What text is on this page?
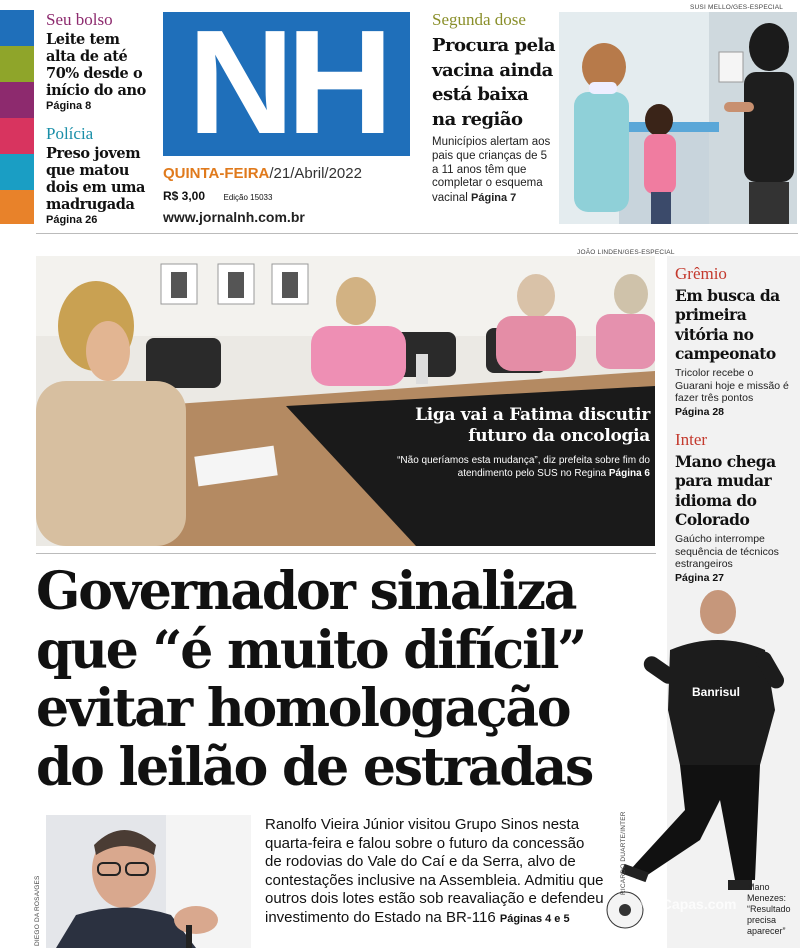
Seu bolso
Leite tem alta de até 70% desde o início do ano
Página 8
Polícia
Preso jovem que matou dois em uma madrugada
Página 26
NH
QUINTA-FEIRA/21/Abril/2022
R$ 3,00 Edição 15033
www.jornalnh.com.br
Segunda dose
Procura pela vacina ainda está baixa na região
Municípios alertam aos pais que crianças de 5 a 11 anos têm que completar o esquema vacinal Página 7
SUSI MELLO/GES-ESPECIAL
JOÃO LINDEN/GES-ESPECIAL
Liga vai a Fatima discutir futuro da oncologia
“Não queríamos esta mudança”, diz prefeita sobre fim do atendimento pelo SUS no Regina Página 6
Grêmio
Em busca da primeira vitória no campeonato
Tricolor recebe o Guarani hoje e missão é fazer três pontos
Página 28
Inter
Mano chega para mudar idioma do Colorado
Gaúcho interrompe sequência de técnicos estrangeiros
Página 27
Banrisul
RICARDO DUARTE/INTER	Mano Menezes: “Resultado precisa aparecer”
Governador sinaliza
que “é muito difícil”
evitar homologação
do leilão de estradas
DIEGO DA ROSA/GES
Ranolfo Vieira Júnior visitou Grupo Sinos nesta quarta-feira e falou sobre o futuro da concessão de rodovias do Vale do Caí e da Serra, alvo de contestações inclusive na Assembleia. Admitiu que outros dois lotes estão sob reavaliação e defendeu investimento do Estado na BR-116 Páginas 4 e 5
VerCapas.com
